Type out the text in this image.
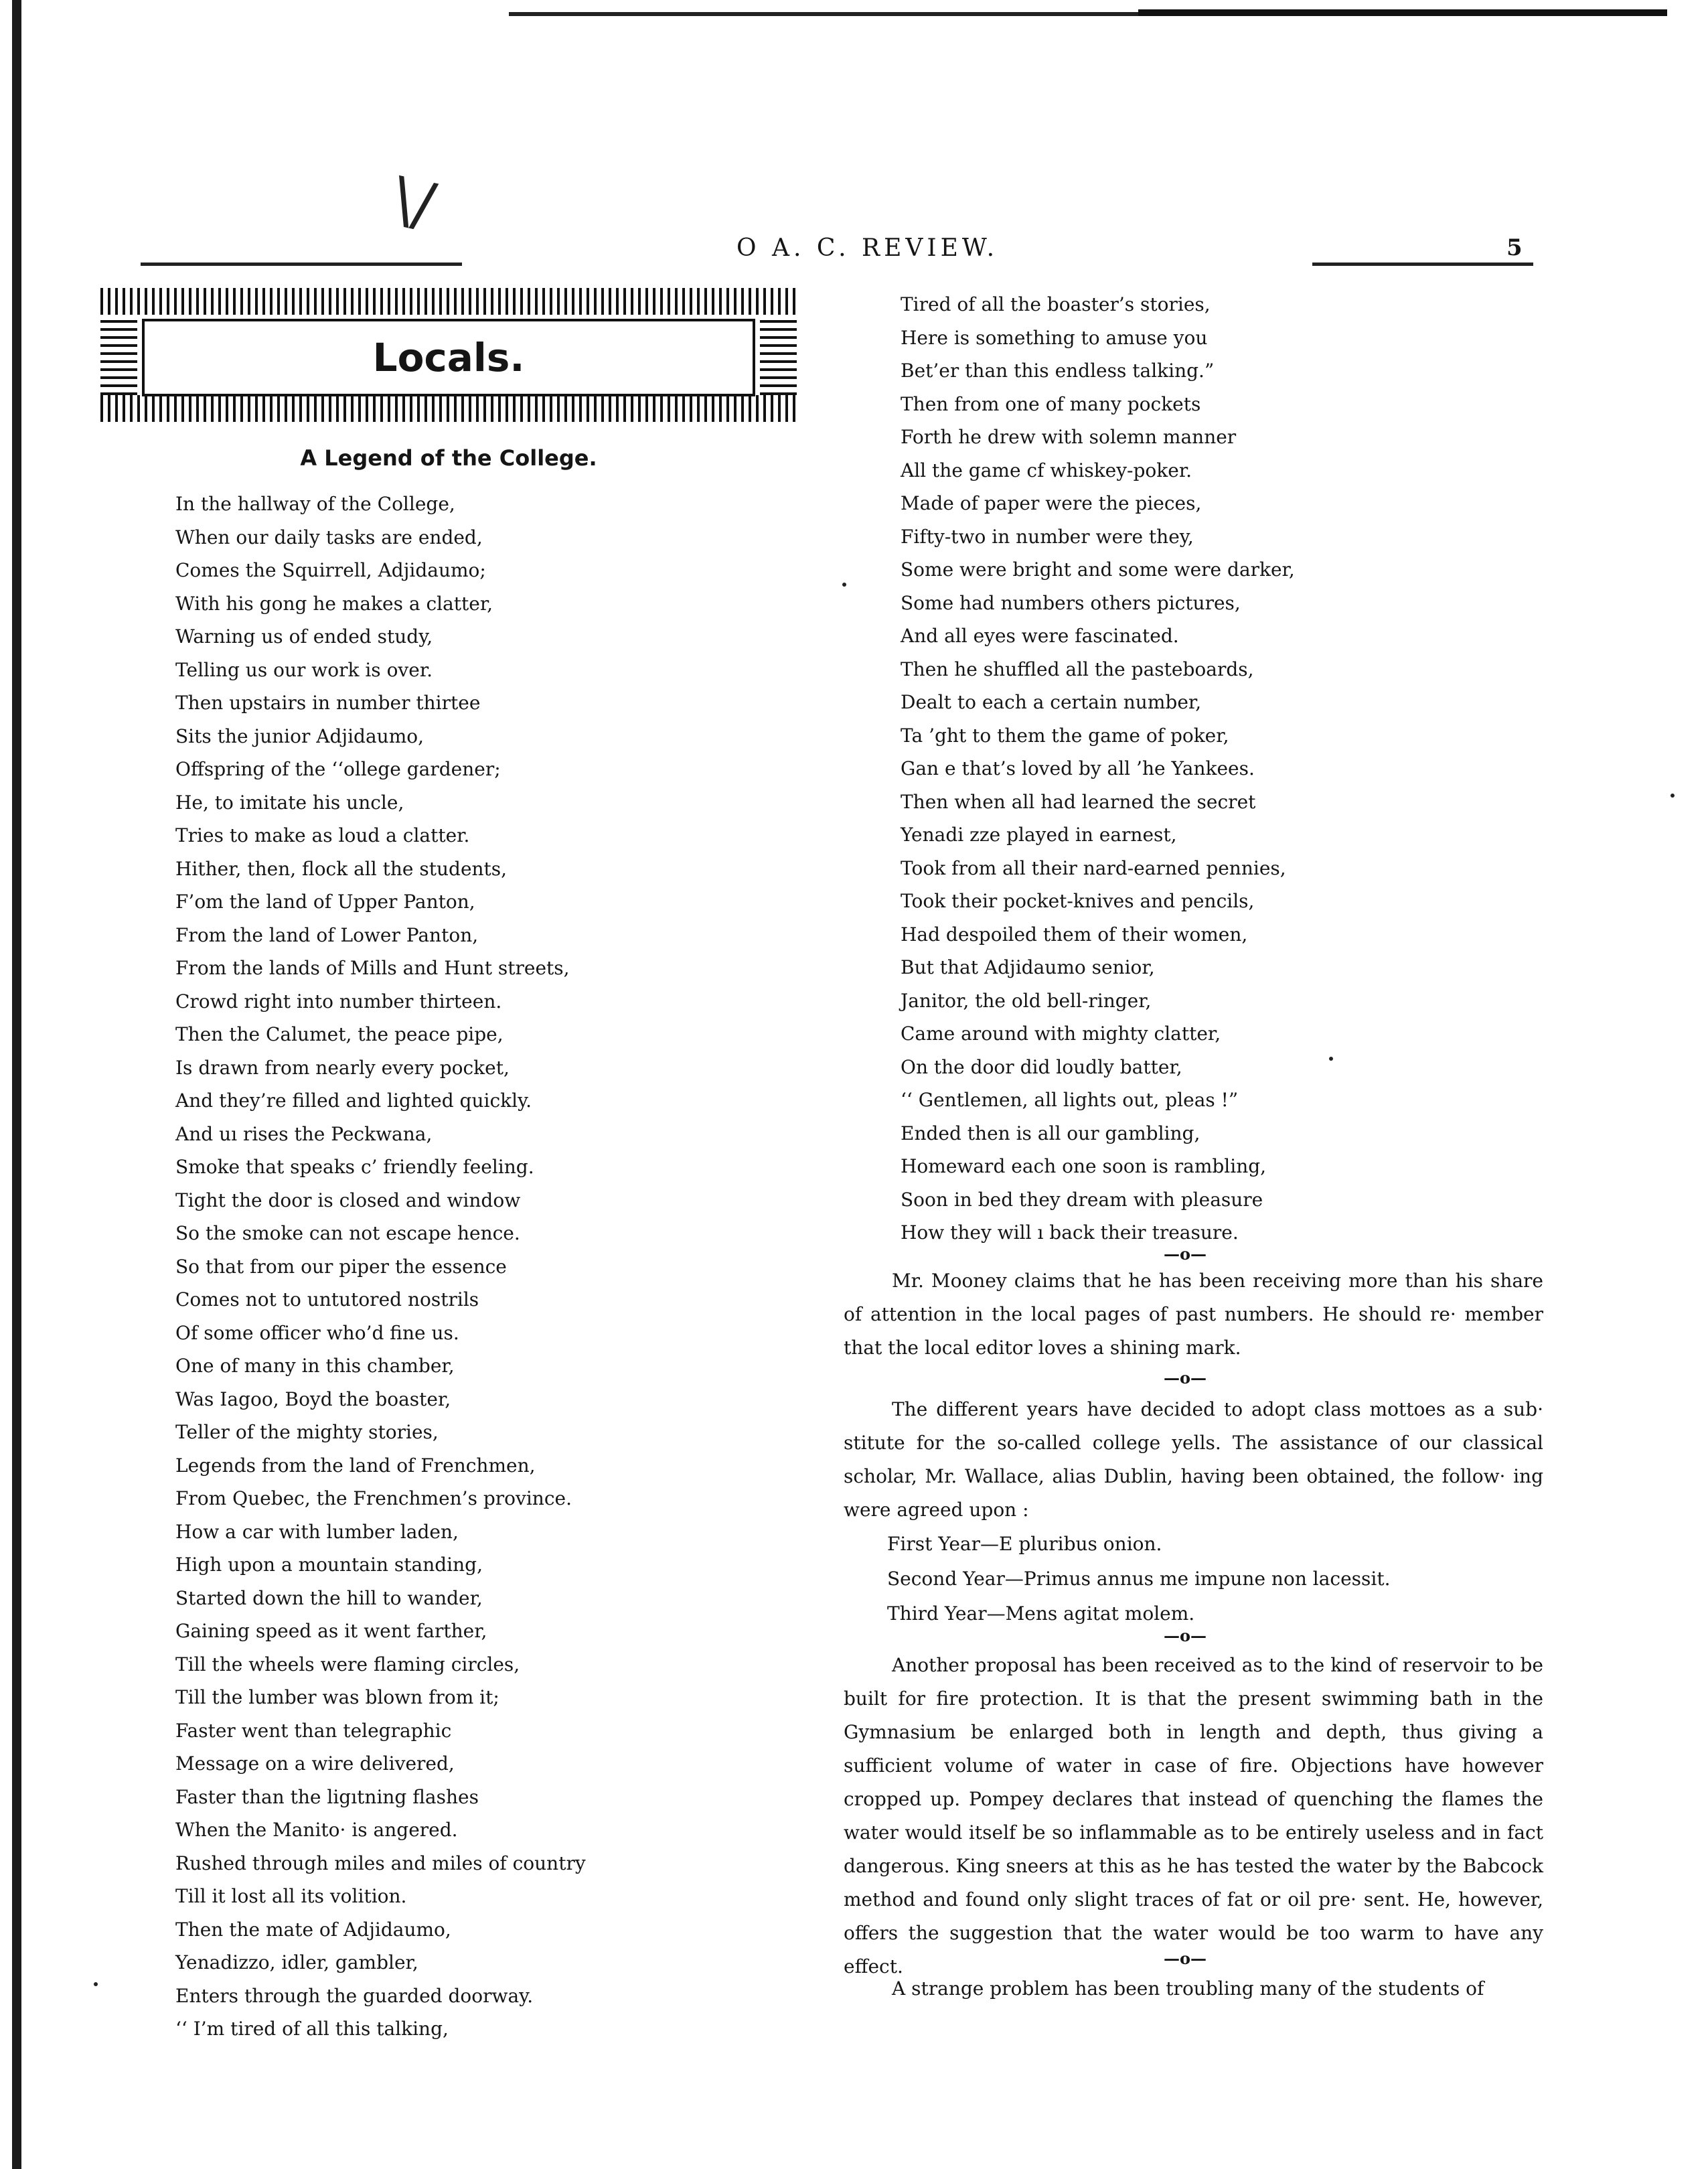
\/
O A. C. REVIEW.	5
Locals.
A Legend of the College.
In the hallway of the College,
When our daily tasks are ended,
Comes the Squirrell, Adjidaumo;
With his gong he makes a clatter,
Warning us of ended study,
Telling us our work is over.
Then upstairs in number thirtee
Sits the junior Adjidaumo,
Offspring of the ‘‘ollege gardener;
He, to imitate his uncle,
Tries to make as loud a clatter.
Hither, then, flock all the students,
F’om the land of Upper Panton,
From the land of Lower Panton,
From the lands of Mills and Hunt streets,
Crowd right into number thirteen.
Then the Calumet, the peace pipe,
Is drawn from nearly every pocket,
And they’re filled and lighted quickly.
And uı rises the Peckwana,
Smoke that speaks c’ friendly feeling.
Tight the door is closed and window
So the smoke can not escape hence.
So that from our piper the essence
Comes not to untutored nostrils
Of some officer who’d fine us.
One of many in this chamber,
Was Iagoo, Boyd the boaster,
Teller of the mighty stories,
Legends from the land of Frenchmen,
From Quebec, the Frenchmen’s province.
How a car with lumber laden,
High upon a mountain standing,
Started down the hill to wander,
Gaining speed as it went farther,
Till the wheels were flaming circles,
Till the lumber was blown from it;
Faster went than telegraphic
Message on a wire delivered,
Faster than the ligıtning flashes
When the Manito· is angered.
Rushed through miles and miles of country
Till it lost all its volition.
Then the mate of Adjidaumo,
Yenadizzo, idler, gambler,
Enters through the guarded doorway.
‘‘ I’m tired of all this talking,
Tired of all the boaster’s stories,
Here is something to amuse you
Bet’er than this endless talking.”
Then from one of many pockets
Forth he drew with solemn manner
All the game cf whiskey-poker.
Made of paper were the pieces,
Fifty-two in number were they,
Some were bright and some were darker,
Some had numbers others pictures,
And all eyes were fascinated.
Then he shuffled all the pasteboards,
Dealt to each a certain number,
Ta ’ght to them the game of poker,
Gan e that’s loved by all ’he Yankees.
Then when all had learned the secret
Yenadi zze played in earnest,
Took from all their nard-earned pennies,
Took their pocket-knives and pencils,
Had despoiled them of their women,
But that Adjidaumo senior,
Janitor, the old bell-ringer,
Came around with mighty clatter,
On the door did loudly batter,
‘‘ Gentlemen, all lights out, pleas !”
Ended then is all our gambling,
Homeward each one soon is rambling,
Soon in bed they dream with pleasure
How they will ı back their treasure.
—o—

Mr. Mooney claims that he has been receiving more than his share of attention in the local pages of past numbers. He should re· member that the local editor loves a shining mark.

—o—

The different years have decided to adopt class mottoes as a sub· stitute for the so-called college yells. The assistance of our classical scholar, Mr. Wallace, alias Dublin, having been obtained, the follow· ing were agreed upon :

First Year—E pluribus onion.
Second Year—Primus annus me impune non lacessit.
Third Year—Mens agitat molem.
—o—

Another proposal has been received as to the kind of reservoir to be built for fire protection. It is that the present swimming bath in the Gymnasium be enlarged both in length and depth, thus giving a sufficient volume of water in case of fire. Objections have however cropped up. Pompey declares that instead of quenching the flames the water would itself be so inflammable as to be entirely useless and in fact dangerous. King sneers at this as he has tested the water by the Babcock method and found only slight traces of fat or oil pre· sent. He, however, offers the suggestion that the water would be too warm to have any effect.	—o—

A strange problem has been troubling many of the students of
